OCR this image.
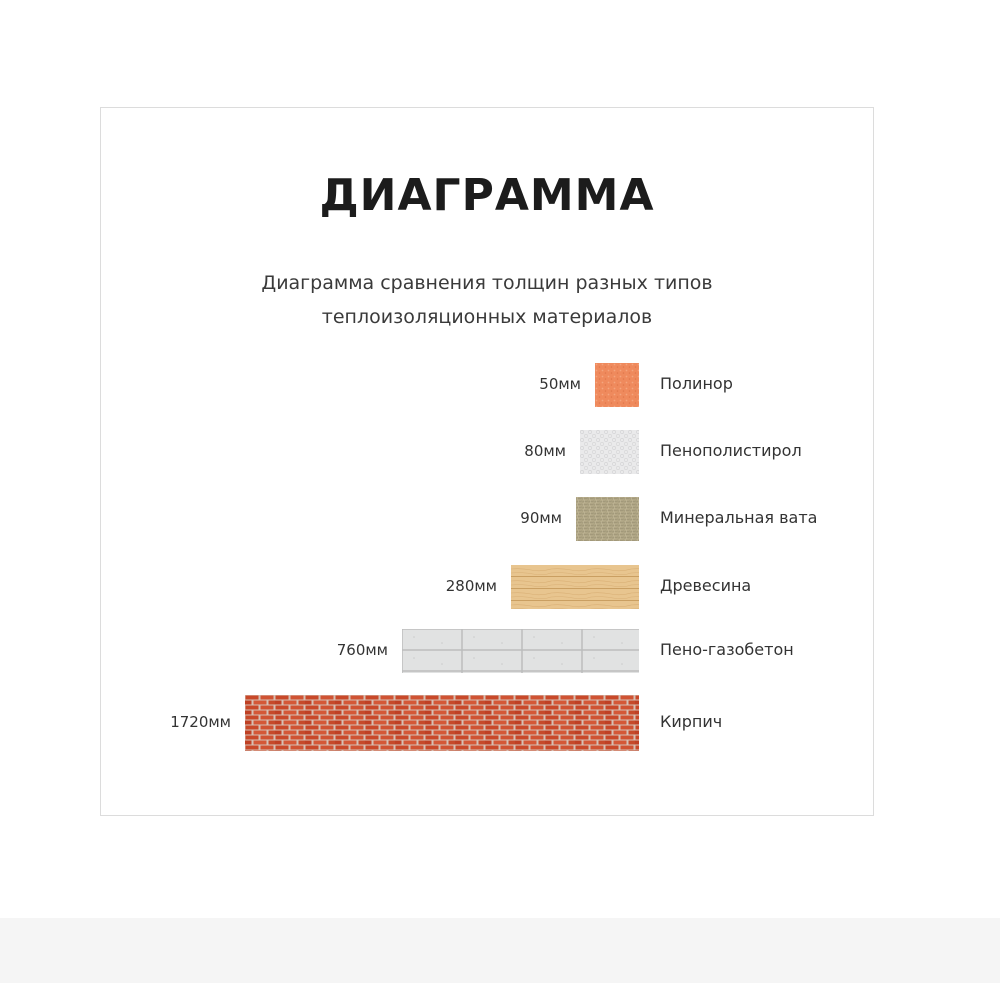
ДИАГРАММА

Диаграмма сравнения толщин разных типов теплоизоляционных материалов

50мм	Полинор
80мм	Пенополистирол
90мм	Минеральная вата
280мм	Древесина
760мм	Пено-газобетон
1720мм	Кирпич
